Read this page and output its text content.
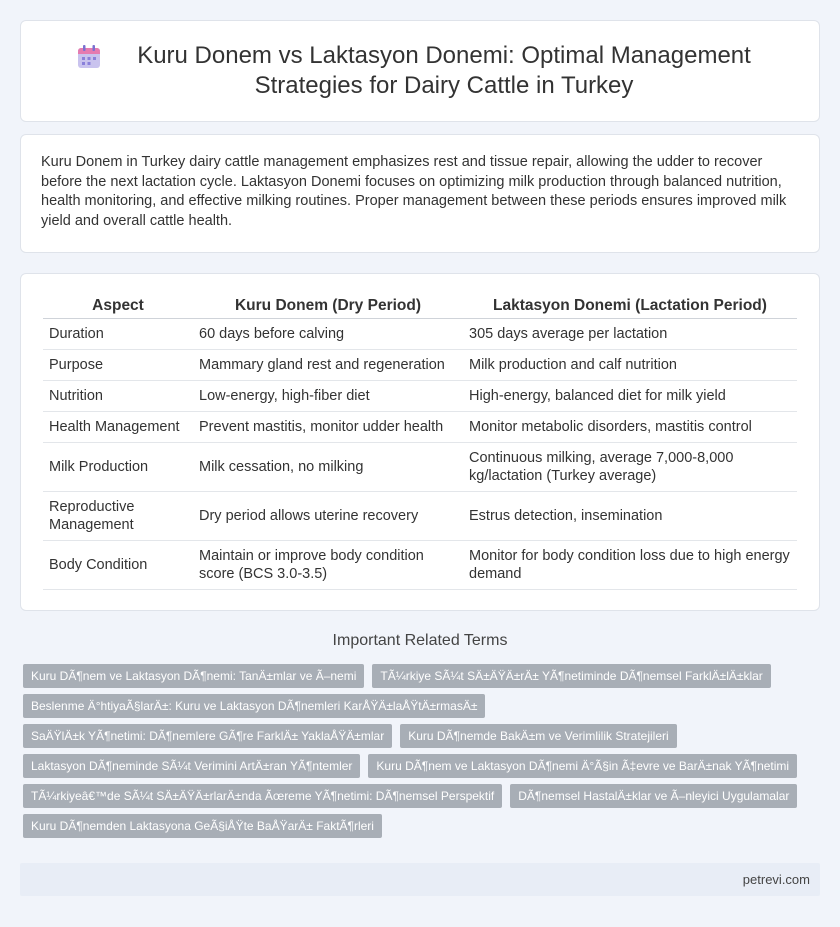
Kuru Donem vs Laktasyon Donemi: Optimal Management Strategies for Dairy Cattle in Turkey

Kuru Donem in Turkey dairy cattle management emphasizes rest and tissue repair, allowing the udder to recover before the next lactation cycle. Laktasyon Donemi focuses on optimizing milk production through balanced nutrition, health monitoring, and effective milking routines. Proper management between these periods ensures improved milk yield and overall cattle health.

Aspect	Kuru Donem (Dry Period)	Laktasyon Donemi (Lactation Period)
Duration	60 days before calving	305 days average per lactation
Purpose	Mammary gland rest and regeneration	Milk production and calf nutrition
Nutrition	Low-energy, high-fiber diet	High-energy, balanced diet for milk yield
Health Management	Prevent mastitis, monitor udder health	Monitor metabolic disorders, mastitis control
Milk Production	Milk cessation, no milking	Continuous milking, average 7,000-8,000 kg/lactation (Turkey average)
Reproductive Management	Dry period allows uterine recovery	Estrus detection, insemination
Body Condition	Maintain or improve body condition score (BCS 3.0-3.5)	Monitor for body condition loss due to high energy demand
Important Related Terms
Kuru DÃ¶nem ve Laktasyon DÃ¶nemi: TanÄ±mlar ve Ã–nemi	TÃ¼rkiye SÃ¼t SÄ±ÄŸÄ±rÄ± YÃ¶netiminde DÃ¶nemsel FarklÄ±lÄ±klar
Beslenme Ä°htiyaÃ§larÄ±: Kuru ve Laktasyon DÃ¶nemleri KarÅŸÄ±laÅŸtÄ±rmasÄ±
SaÄŸlÄ±k YÃ¶netimi: DÃ¶nemlere GÃ¶re FarklÄ± YaklaÅŸÄ±mlar	Kuru DÃ¶nemde BakÄ±m ve Verimlilik Stratejileri
Laktasyon DÃ¶neminde SÃ¼t Verimini ArtÄ±ran YÃ¶ntemler	Kuru DÃ¶nem ve Laktasyon DÃ¶nemi Ä°Ã§in Ã‡evre ve BarÄ±nak YÃ¶netimi
TÃ¼rkiyeâ€™de SÃ¼t SÄ±ÄŸÄ±rlarÄ±nda Ãœreme YÃ¶netimi: DÃ¶nemsel Perspektif	DÃ¶nemsel HastalÄ±klar ve Ã–nleyici Uygulamalar
Kuru DÃ¶nemden Laktasyona GeÃ§iÅŸte BaÅŸarÄ± FaktÃ¶rleri
petrevi.com
